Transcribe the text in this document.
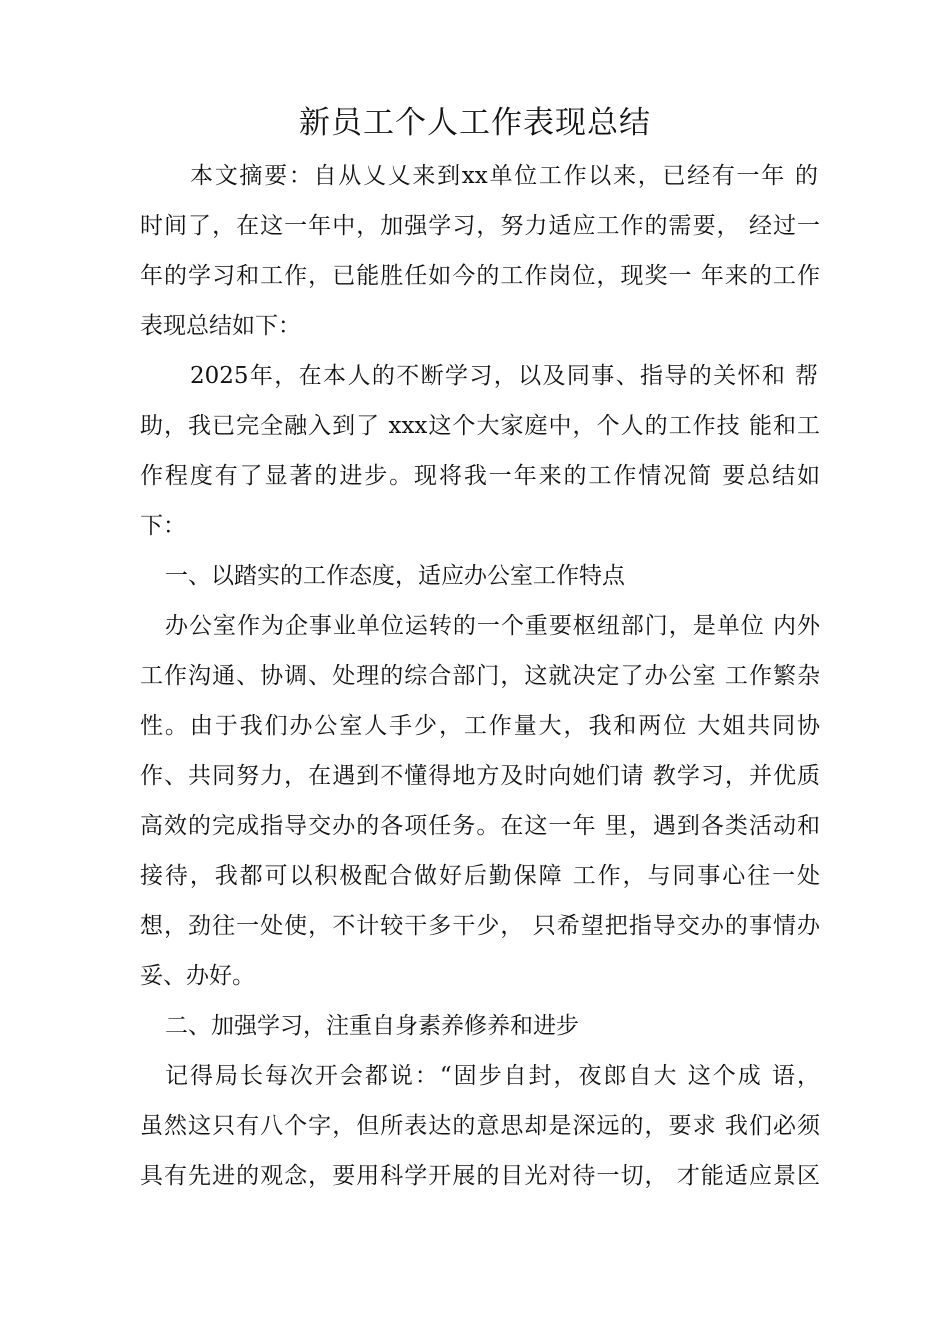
新员工个人工作表现总结
本文摘要：自从乂乂来到xx单位工作以来，已经有一年 的
时间了，在这一年中，加强学习，努力适应工作的需要， 经过一
年的学习和工作，已能胜任如今的工作岗位，现奖一 年来的工作
表现总结如下：
2025年，在本人的不断学习，以及同事、指导的关怀和 帮
助，我已完全融入到了 xxx这个大家庭中，个人的工作技 能和工
作程度有了显著的进步。现将我一年来的工作情况简 要总结如
下：
一、以踏实的工作态度，适应办公室工作特点
办公室作为企事业单位运转的一个重要枢纽部门，是单位 内外
工作沟通、协调、处理的综合部门，这就决定了办公室 工作繁杂
性。由于我们办公室人手少，工作量大，我和两位 大姐共同协
作、共同努力，在遇到不懂得地方及时向她们请 教学习，并优质
高效的完成指导交办的各项任务。在这一年 里，遇到各类活动和
接待，我都可以积极配合做好后勤保障 工作，与同事心往一处
想，劲往一处使，不计较干多干少， 只希望把指导交办的事情办
妥、办好。
二、加强学习，注重自身素养修养和进步
记得局长每次开会都说：“固步自封，夜郎自大 这个成 语，
虽然这只有八个字，但所表达的意思却是深远的，要求 我们必须
具有先进的观念，要用科学开展的目光对待一切， 才能适应景区
